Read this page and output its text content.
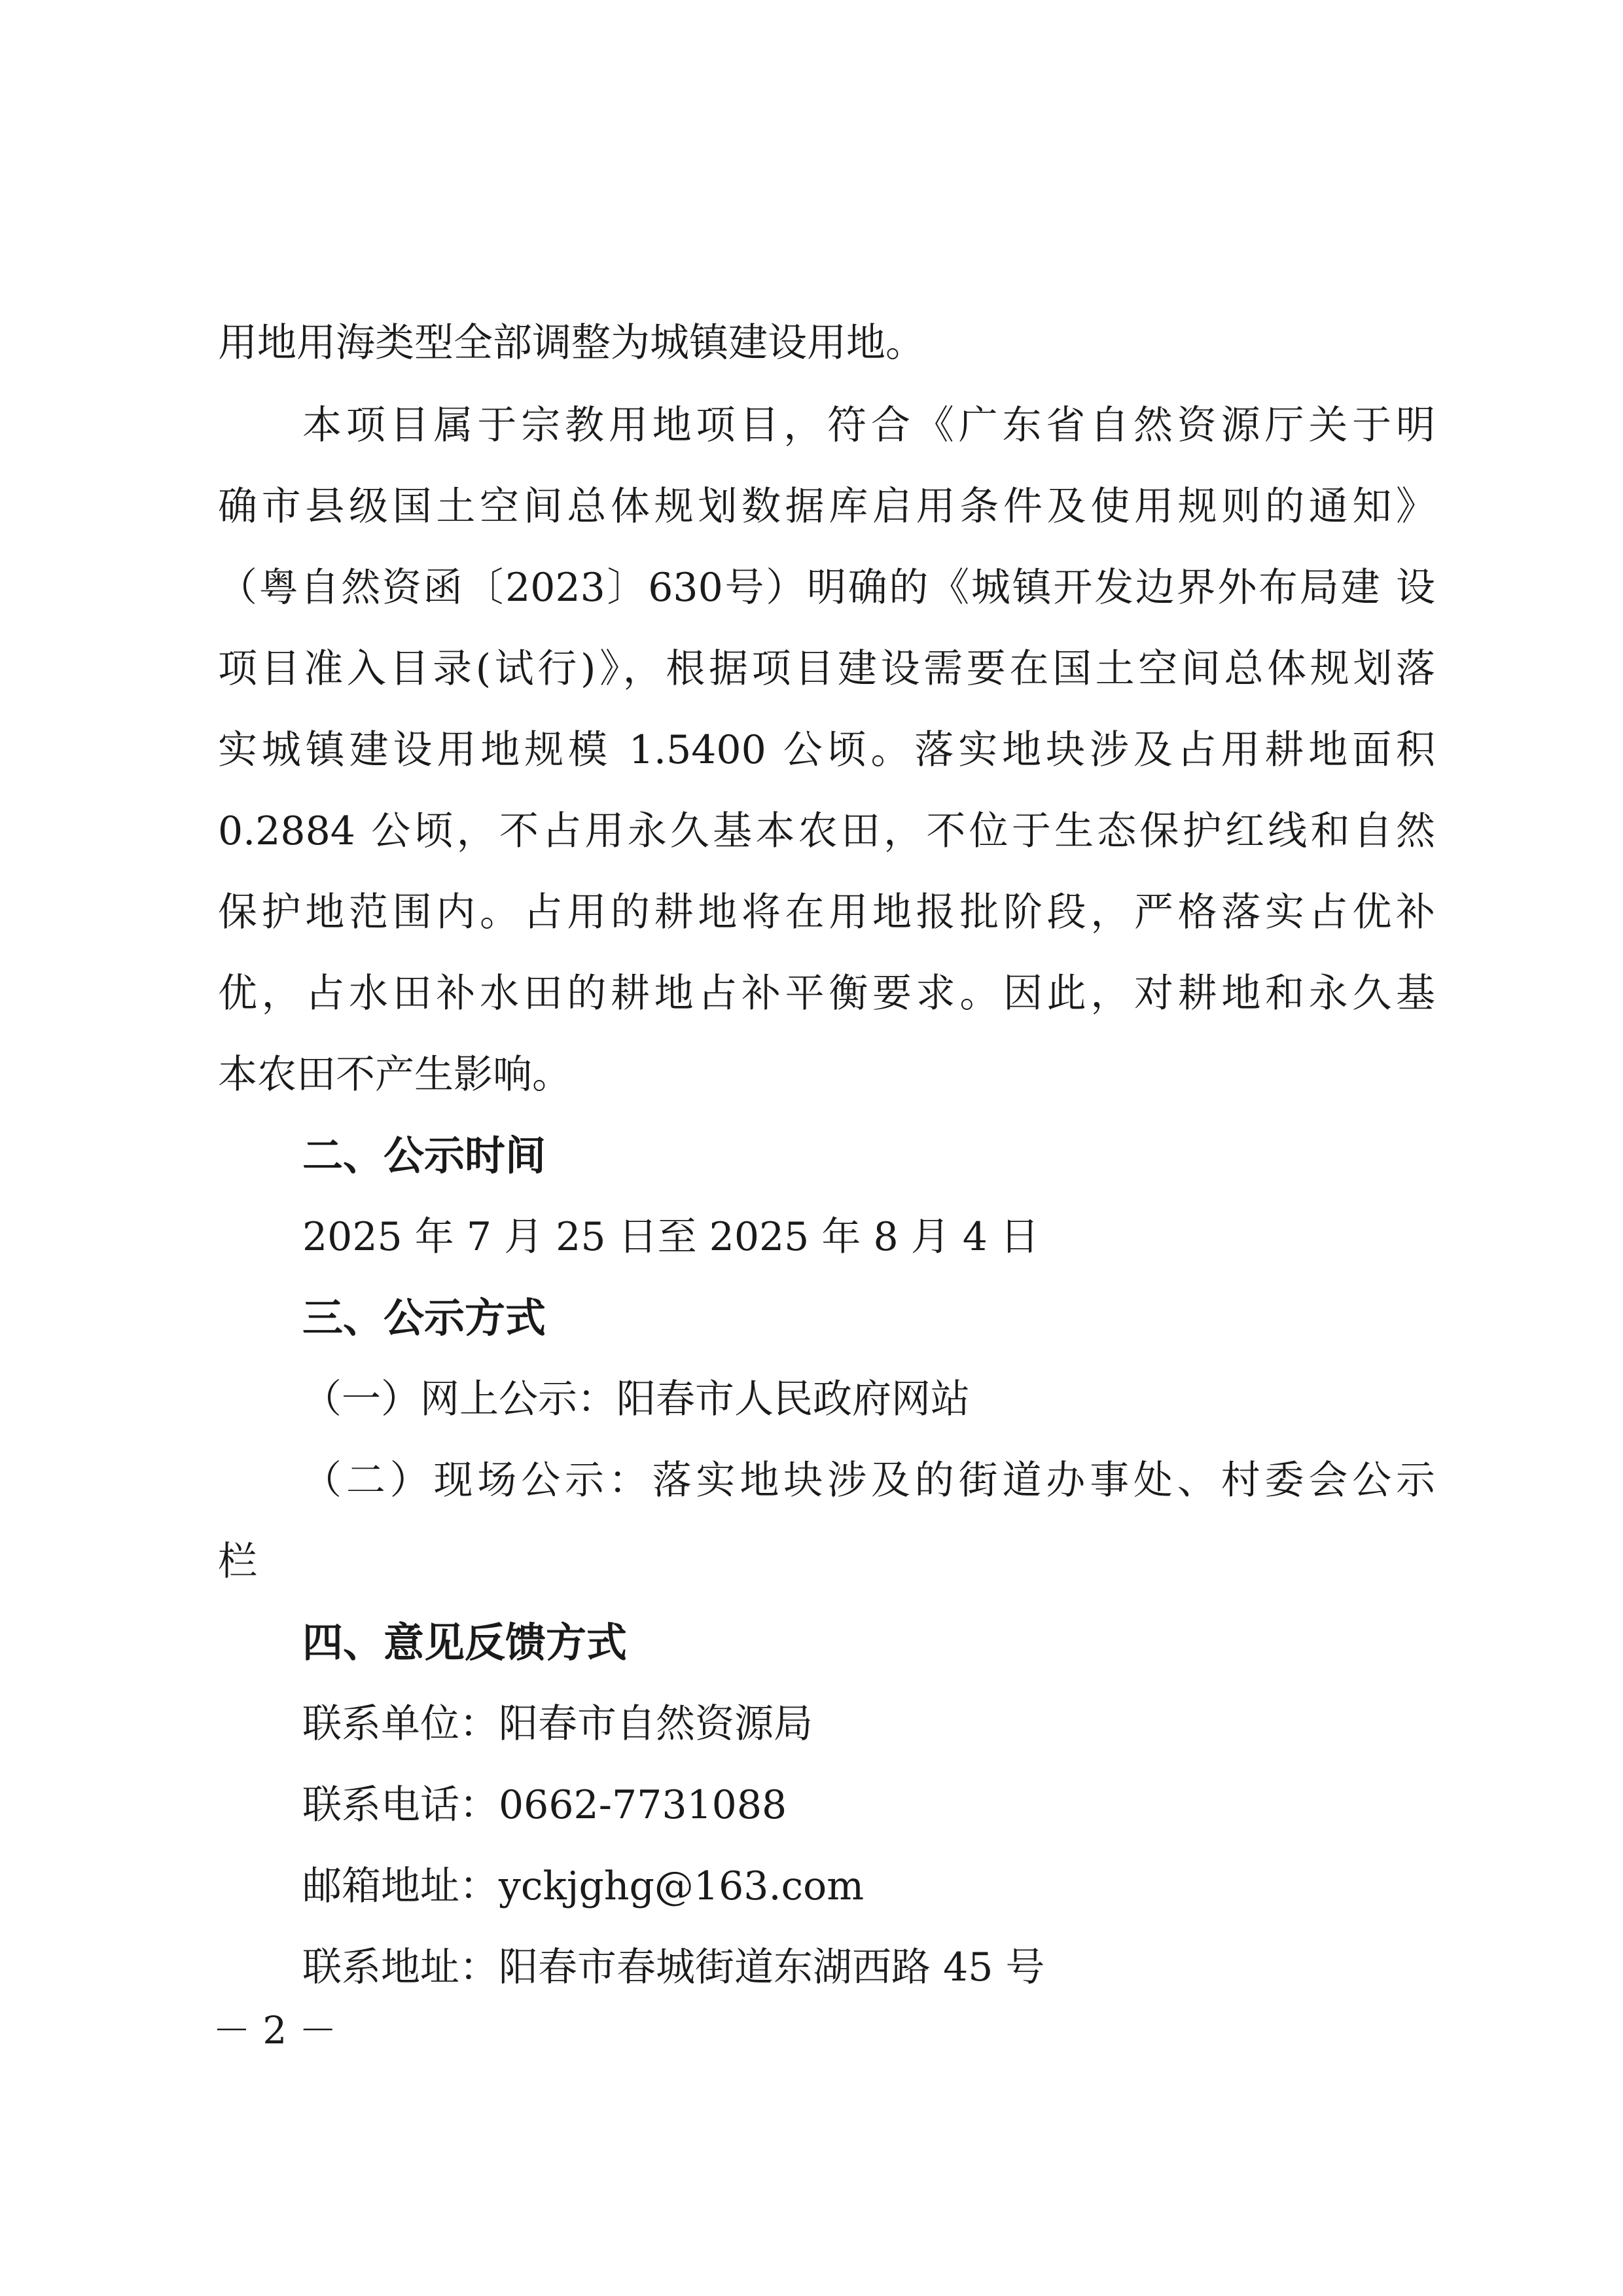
用地用海类型全部调整为城镇建设用地。
本项目属于宗教用地项目，符合《广东省自然资源厅关于明
确市县级国土空间总体规划数据库启用条件及使用规则的通知》
（粤自然资函〔2023〕630号）明确的《城镇开发边界外布局建 设
项目准入目录(试行)》，根据项目建设需要在国土空间总体规划落
实城镇建设用地规模 1.5400 公顷。落实地块涉及占用耕地面积
0.2884 公顷，不占用永久基本农田，不位于生态保护红线和自然
保护地范围内。占用的耕地将在用地报批阶段，严格落实占优补
优，占水田补水田的耕地占补平衡要求。因此，对耕地和永久基
本农田不产生影响。
二、公示时间
2025 年 7 月 25 日至 2025 年 8 月 4 日
三、公示方式
（一）网上公示：阳春市人民政府网站
（二）现场公示：落实地块涉及的街道办事处、村委会公示
栏
四、意见反馈方式
联系单位：阳春市自然资源局
联系电话：0662-7731088
邮箱地址：yckjghg@163.com
联系地址：阳春市春城街道东湖西路 45 号
－ 2 －
